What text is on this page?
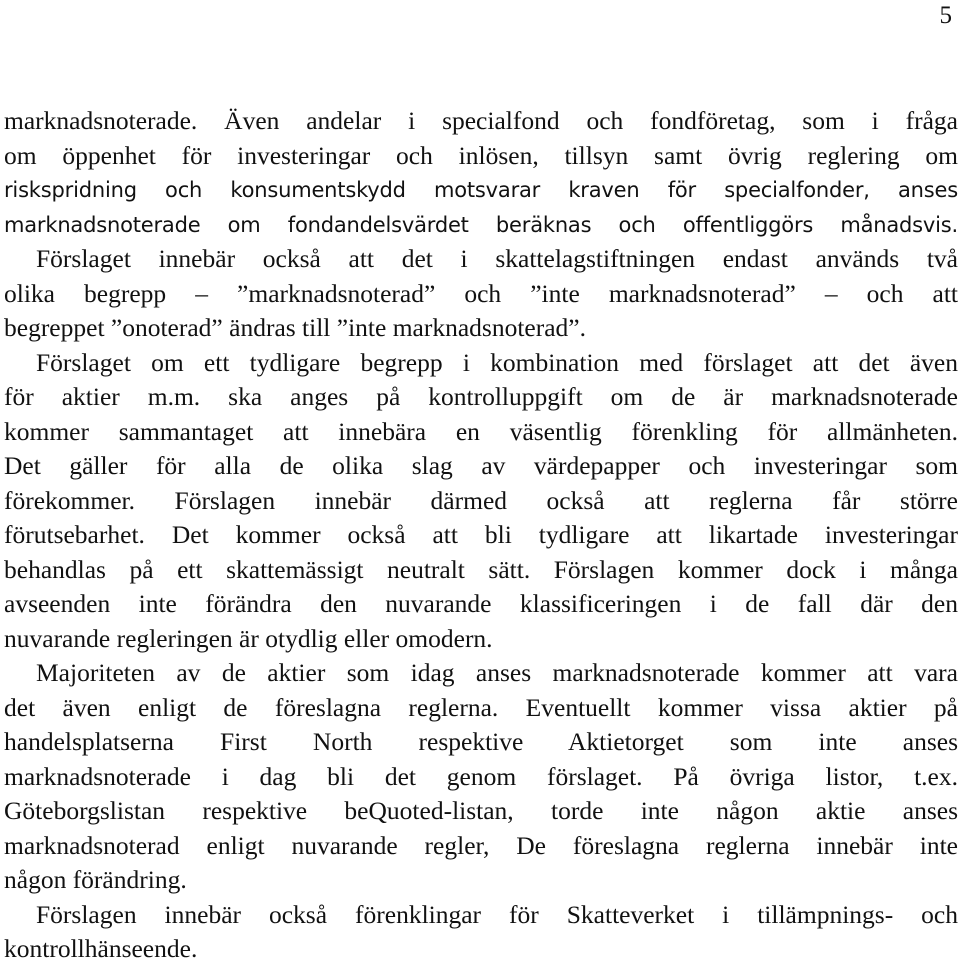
5
marknadsnoterade. Även andelar i specialfond och fondföretag, som i fråga
om öppenhet för investeringar och inlösen, tillsyn samt övrig reglering om
riskspridning och konsumentskydd motsvarar kraven för specialfonder, anses
marknadsnoterade om fondandelsvärdet beräknas och offentliggörs månadsvis.
Förslaget innebär också att det i skattelagstiftningen endast används två
olika begrepp – ”marknadsnoterad” och ”inte marknadsnoterad” – och att
begreppet ”onoterad” ändras till ”inte marknadsnoterad”.
Förslaget om ett tydligare begrepp i kombination med förslaget att det även
för aktier m.m. ska anges på kontrolluppgift om de är marknadsnoterade
kommer sammantaget att innebära en väsentlig förenkling för allmänheten.
Det gäller för alla de olika slag av värdepapper och investeringar som
förekommer. Förslagen innebär därmed också att reglerna får större
förutsebarhet. Det kommer också att bli tydligare att likartade investeringar
behandlas på ett skattemässigt neutralt sätt. Förslagen kommer dock i många
avseenden inte förändra den nuvarande klassificeringen i de fall där den
nuvarande regleringen är otydlig eller omodern.
Majoriteten av de aktier som idag anses marknadsnoterade kommer att vara
det även enligt de föreslagna reglerna. Eventuellt kommer vissa aktier på
handelsplatserna First North respektive Aktietorget som inte anses
marknadsnoterade i dag bli det genom förslaget. På övriga listor, t.ex.
Göteborgslistan respektive beQuoted-listan, torde inte någon aktie anses
marknadsnoterad enligt nuvarande regler, De föreslagna reglerna innebär inte
någon förändring.
Förslagen innebär också förenklingar för Skatteverket i tillämpnings- och
kontrollhänseende.
